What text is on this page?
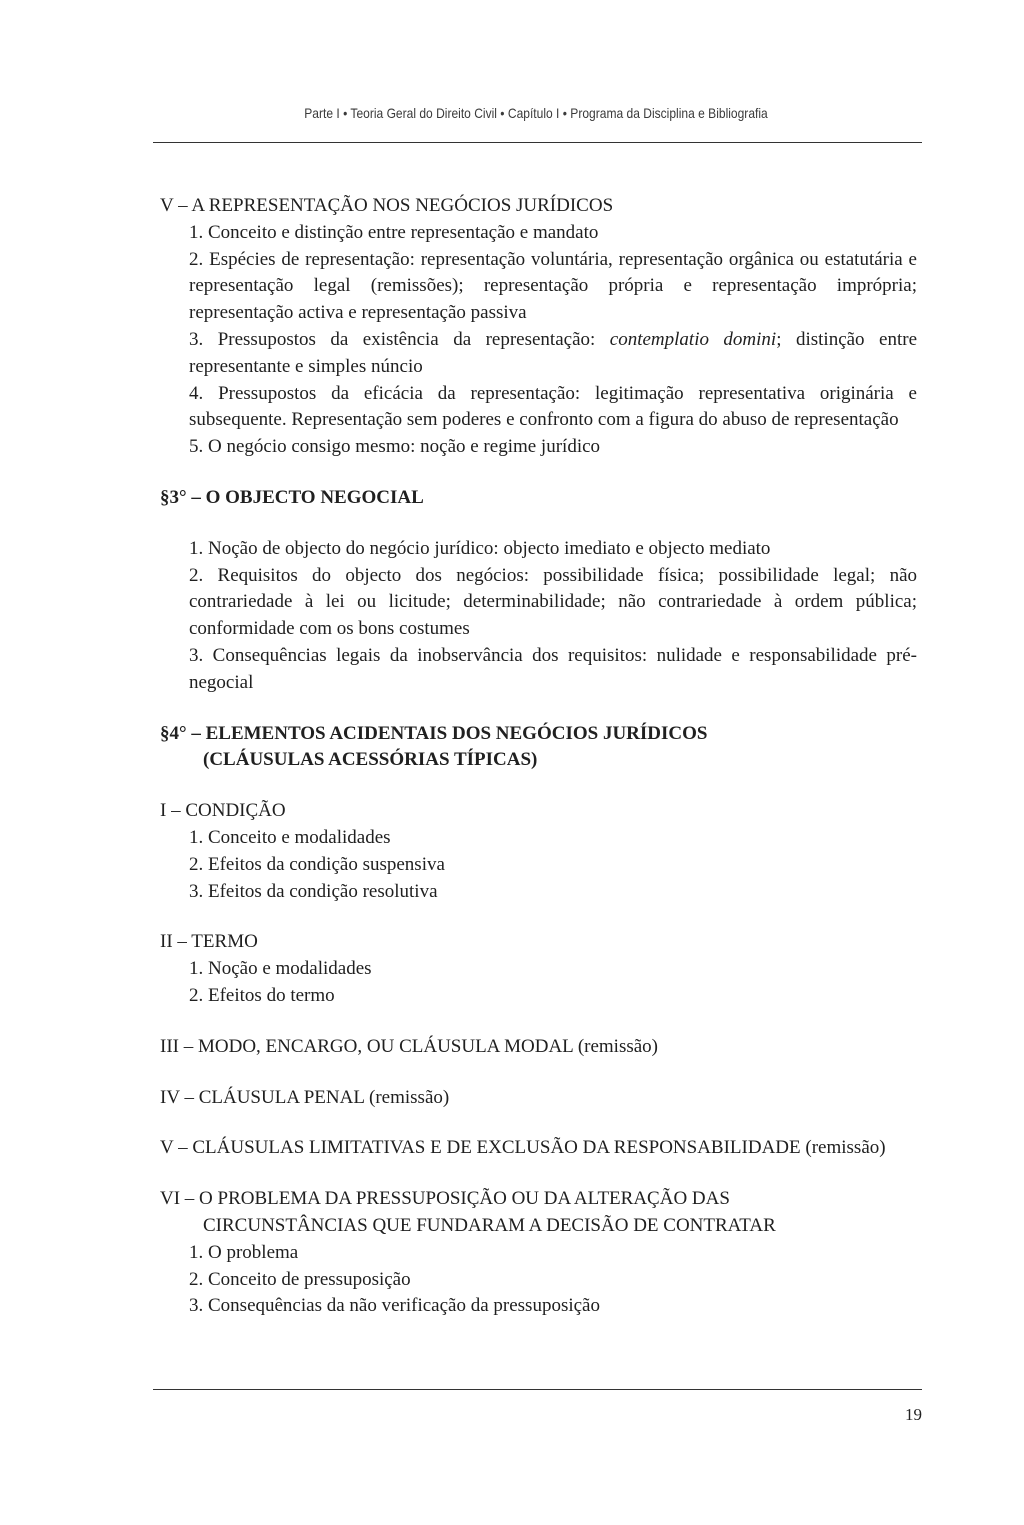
Parte I • Teoria Geral do Direito Civil • Capítulo I • Programa da Disciplina e Bibliografia

V – A REPRESENTAÇÃO NOS NEGÓCIOS JURÍDICOS

1. Conceito e distinção entre representação e mandato

2. Espécies de representação: representação voluntária, representação orgânica ou estatutária e representação legal (remissões); representação própria e representação imprópria; representação activa e representação passiva

3. Pressupostos da existência da representação: contemplatio domini; distinção entre representante e simples núncio

4. Pressupostos da eficácia da representação: legitimação representativa originária e subsequente. Representação sem poderes e confronto com a figura do abuso de representação

5. O negócio consigo mesmo: noção e regime jurídico

§3° – O OBJECTO NEGOCIAL

1. Noção de objecto do negócio jurídico: objecto imediato e objecto mediato

2. Requisitos do objecto dos negócios: possibilidade física; possibilidade legal; não contrariedade à lei ou licitude; determinabilidade; não contrariedade à ordem pública; conformidade com os bons costumes

3. Consequências legais da inobservância dos requisitos: nulidade e responsabilidade pré-negocial

§4° – ELEMENTOS ACIDENTAIS DOS NEGÓCIOS JURÍDICOS

(CLÁUSULAS ACESSÓRIAS TÍPICAS)

I – CONDIÇÃO

1. Conceito e modalidades

2. Efeitos da condição suspensiva

3. Efeitos da condição resolutiva

II – TERMO

1. Noção e modalidades

2. Efeitos do termo

III – MODO, ENCARGO, OU CLÁUSULA MODAL (remissão)

IV – CLÁUSULA PENAL (remissão)

V – CLÁUSULAS LIMITATIVAS E DE EXCLUSÃO DA RESPONSABILIDADE (remissão)

VI – O PROBLEMA DA PRESSUPOSIÇÃO OU DA ALTERAÇÃO DAS

CIRCUNSTÂNCIAS QUE FUNDARAM A DECISÃO DE CONTRATAR

1. O problema

2. Conceito de pressuposição

3. Consequências da não verificação da pressuposição

19
